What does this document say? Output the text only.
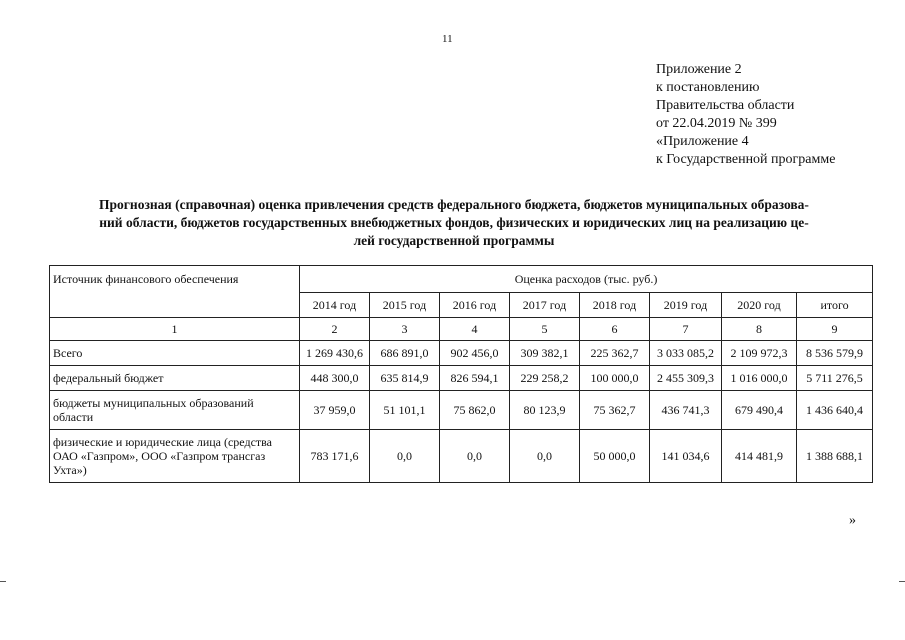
11
Приложение 2
к постановлению
Правительства области
от 22.04.2019 № 399
«Приложение 4
к Государственной программе
Прогнозная (справочная) оценка привлечения средств федерального бюджета, бюджетов муниципальных образова-
ний области, бюджетов государственных внебюджетных фондов, физических и юридических лиц на реализацию це-
лей государственной программы
Источник финансового обеспечения	Оценка расходов (тыс. руб.)							
	2014 год	2015 год	2016 год	2017 год	2018 год	2019 год	2020 год	итого
1	2	3	4	5	6	7	8	9
Всего	1 269 430,6	686 891,0	902 456,0	309 382,1	225 362,7	3 033 085,2	2 109 972,3	8 536 579,9
федеральный бюджет	448 300,0	635 814,9	826 594,1	229 258,2	100 000,0	2 455 309,3	1 016 000,0	5 711 276,5
бюджеты муниципальных образований области	37 959,0	51 101,1	75 862,0	80 123,9	75 362,7	436 741,3	679 490,4	1 436 640,4
физические и юридические лица (средства ОАО «Газпром», ООО «Газпром трансгаз Ухта»)	783 171,6	0,0	0,0	0,0	50 000,0	141 034,6	414 481,9	1 388 688,1
»
